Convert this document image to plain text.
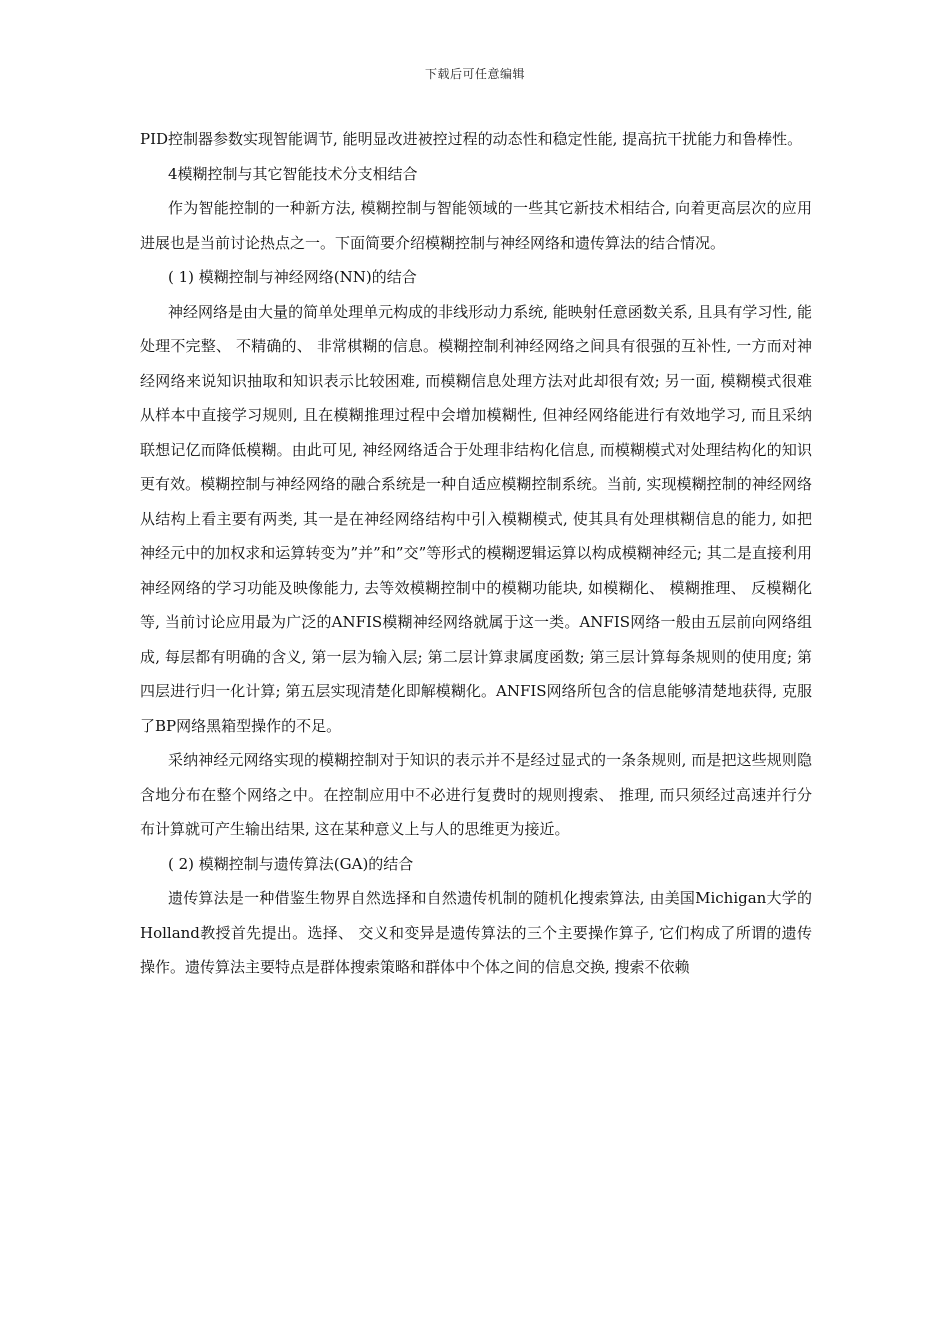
下载后可任意编辑

PID控制器参数实现智能调节, 能明显改进被控过程的动态性和稳定性能, 提高抗干扰能力和鲁棒性。

4模糊控制与其它智能技术分支相结合

作为智能控制的一种新方法, 模糊控制与智能领域的一些其它新技术相结合, 向着更高层次的应用进展也是当前讨论热点之一。下面简要介绍模糊控制与神经网络和遗传算法的结合情况。

( 1) 模糊控制与神经网络(NN)的结合

神经网络是由大量的简单处理单元构成的非线形动力系统, 能映射任意函数关系, 且具有学习性, 能处理不完整、 不精确的、 非常棋糊的信息。模糊控制利神经网络之间具有很强的互补性, 一方而对神经网络来说知识抽取和知识表示比较困难, 而模糊信息处理方法对此却很有效; 另一面, 模糊模式很难从样本中直接学习规则, 且在模糊推理过程中会增加模糊性, 但神经网络能进行有效地学习, 而且采纳联想记亿而降低模糊。由此可见, 神经网络适合于处理非结构化信息, 而模糊模式对处理结构化的知识更有效。模糊控制与神经网络的融合系统是一种自适应模糊控制系统。当前, 实现模糊控制的神经网络从结构上看主要有两类, 其一是在神经网络结构中引入模糊模式, 使其具有处理棋糊信息的能力, 如把神经元中的加权求和运算转变为”并”和”交”等形式的模糊逻辑运算以构成模糊神经元; 其二是直接利用神经网络的学习功能及映像能力, 去等效模糊控制中的模糊功能块, 如模糊化、 模糊推理、 反模糊化等, 当前讨论应用最为广泛的ANFIS模糊神经网络就属于这一类。ANFIS网络一般由五层前向网络组成, 每层都有明确的含义, 第一层为输入层; 第二层计算隶属度函数; 第三层计算每条规则的使用度; 第四层进行归一化计算; 第五层实现清楚化即解模糊化。ANFIS网络所包含的信息能够清楚地获得, 克服了BP网络黑箱型操作的不足。

采纳神经元网络实现的模糊控制对于知识的表示并不是经过显式的一条条规则, 而是把这些规则隐含地分布在整个网络之中。在控制应用中不必进行复费时的规则搜索、 推理, 而只须经过高速并行分布计算就可产生输出结果, 这在某种意义上与人的思维更为接近。

( 2) 模糊控制与遗传算法(GA)的结合

遗传算法是一种借鉴生物界自然选择和自然遗传机制的随机化搜索算法, 由美国Michigan大学的Holland教授首先提出。选择、 交义和变异是遗传算法的三个主要操作算子, 它们构成了所谓的遗传操作。遗传算法主要特点是群体搜索策略和群体中个体之间的信息交换, 搜索不依赖
